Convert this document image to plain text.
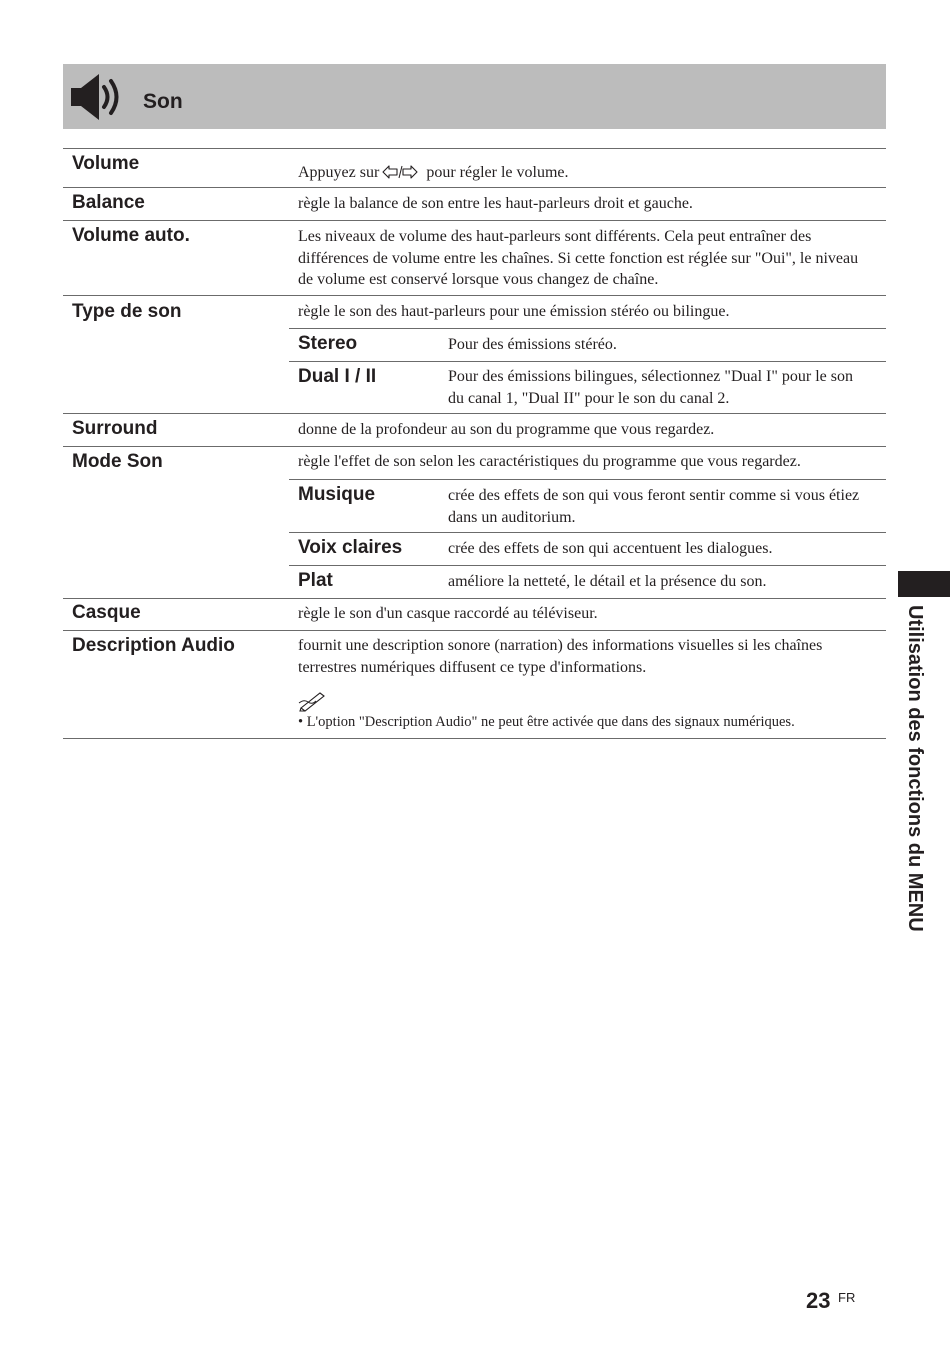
Son
Volume	Appuyez sur	pour régler le volume.
Balance	règle la balance de son entre les haut-parleurs droit et gauche.
Volume auto.	Les niveaux de volume des haut-parleurs sont différents. Cela peut entraîner des différences de volume entre les chaînes. Si cette fonction est réglée sur "Oui", le niveau de volume est conservé lorsque vous changez de chaîne.
Type de son	règle le son des haut-parleurs pour une émission stéréo ou bilingue.
Stereo	Pour des émissions stéréo.
Dual I / II	Pour des émissions bilingues, sélectionnez "Dual I" pour le son du canal 1, "Dual II" pour le son du canal 2.
Surround	donne de la profondeur au son du programme que vous regardez.
Mode Son	règle l'effet de son selon les caractéristiques du programme que vous regardez.
Musique	crée des effets de son qui vous feront sentir comme si vous étiez dans un auditorium.
Voix claires	crée des effets de son qui accentuent les dialogues.
Plat	améliore la netteté, le détail et la présence du son.
Casque	règle le son d'un casque raccordé au téléviseur.
Description Audio	fournit une description sonore (narration) des informations visuelles si les chaînes terrestres numériques diffusent ce type d'informations.
• L'option "Description Audio" ne peut être activée que dans des signaux numériques.	Utilisation des fonctions du MENU
23 FR
